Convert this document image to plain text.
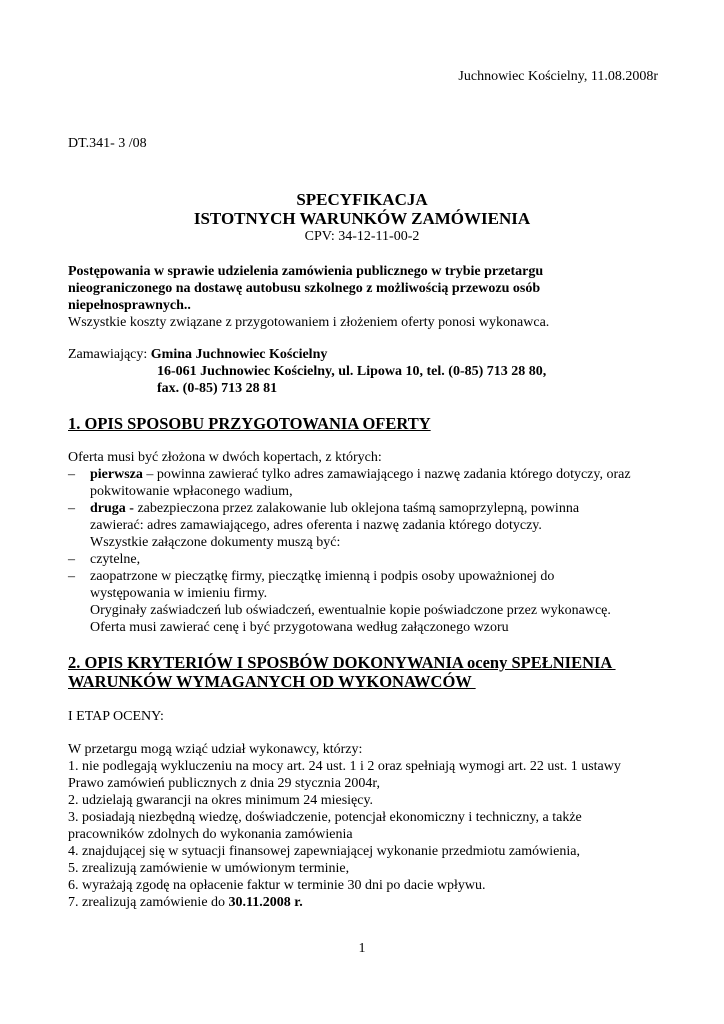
Juchnowiec Kościelny, 11.08.2008r
DT.341- 3 /08
SPECYFIKACJA
ISTOTNYCH WARUNKÓW ZAMÓWIENIA
CPV: 34-12-11-00-2
Postępowania w sprawie udzielenia zamówienia publicznego w trybie przetargu
nieograniczonego na dostawę autobusu szkolnego z możliwością przewozu osób
niepełnosprawnych..
Wszystkie koszty związane z przygotowaniem i złożeniem oferty ponosi wykonawca.
Zamawiający: Gmina Juchnowiec Kościelny
16-061 Juchnowiec Kościelny, ul. Lipowa 10, tel. (0-85) 713 28 80,
fax. (0-85) 713 28 81
1. OPIS SPOSOBU PRZYGOTOWANIA OFERTY
Oferta musi być złożona w dwóch kopertach, z których:
– pierwsza – powinna zawierać tylko adres zamawiającego i nazwę zadania którego dotyczy, oraz
pokwitowanie wpłaconego wadium,
– druga - zabezpieczona przez zalakowanie lub oklejona taśmą samoprzylepną, powinna
zawierać: adres zamawiającego, adres oferenta i nazwę zadania którego dotyczy.
Wszystkie załączone dokumenty muszą być:
– czytelne,
– zaopatrzone w pieczątkę firmy, pieczątkę imienną i podpis osoby upoważnionej do
występowania w imieniu firmy.
Oryginały zaświadczeń lub oświadczeń, ewentualnie kopie poświadczone przez wykonawcę.
Oferta musi zawierać cenę i być przygotowana według załączonego wzoru
2. OPIS KRYTERIÓW I SPOSBÓW DOKONYWANIA oceny SPEŁNIENIA
WARUNKÓW WYMAGANYCH OD WYKONAWCÓW
I ETAP OCENY:
W przetargu mogą wziąć udział wykonawcy, którzy:
1. nie podlegają wykluczeniu na mocy art. 24 ust. 1 i 2 oraz spełniają wymogi art. 22 ust. 1 ustawy
Prawo zamówień publicznych z dnia 29 stycznia 2004r,
2. udzielają gwarancji na okres minimum 24 miesięcy.
3. posiadają niezbędną wiedzę, doświadczenie, potencjał ekonomiczny i techniczny, a także
pracowników zdolnych do wykonania zamówienia
4. znajdującej się w sytuacji finansowej zapewniającej wykonanie przedmiotu zamówienia,
5. zrealizują zamówienie w umówionym terminie,
6. wyrażają zgodę na opłacenie faktur w terminie 30 dni po dacie wpływu.
7. zrealizują zamówienie do 30.11.2008 r.
1
